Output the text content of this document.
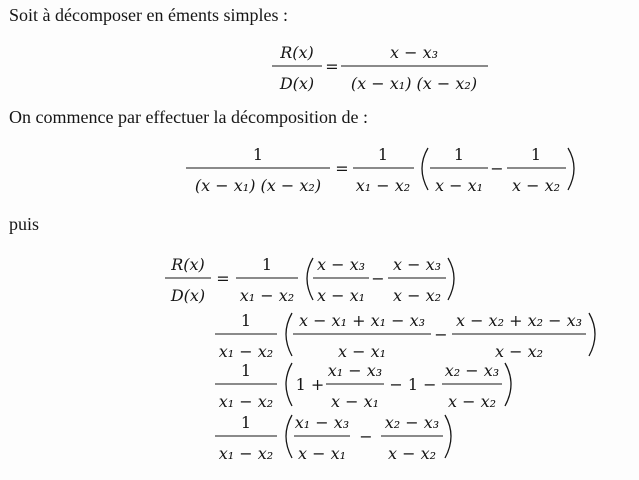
Soit à décomposer en éments simples :
R(x)
D(x)
=
x − x₃
(x − x₁) (x − x₂)
On commence par effectuer la décomposition de :
1
(x − x₁) (x − x₂)
=
1
x₁ − x₂
1
x − x₁
−
1
x − x₂
puis
R(x)
D(x)
=
1
x₁ − x₂
x − x₃
x − x₁
−
x − x₃
x − x₂
1
x₁ − x₂
x − x₁ + x₁ − x₃
x − x₁
−
x − x₂ + x₂ − x₃
x − x₂
1
x₁ − x₂
1 +
x₁ − x₃
x − x₁
− 1 −
x₂ − x₃
x − x₂
1
x₁ − x₂
x₁ − x₃
x − x₁
−
x₂ − x₃
x − x₂
